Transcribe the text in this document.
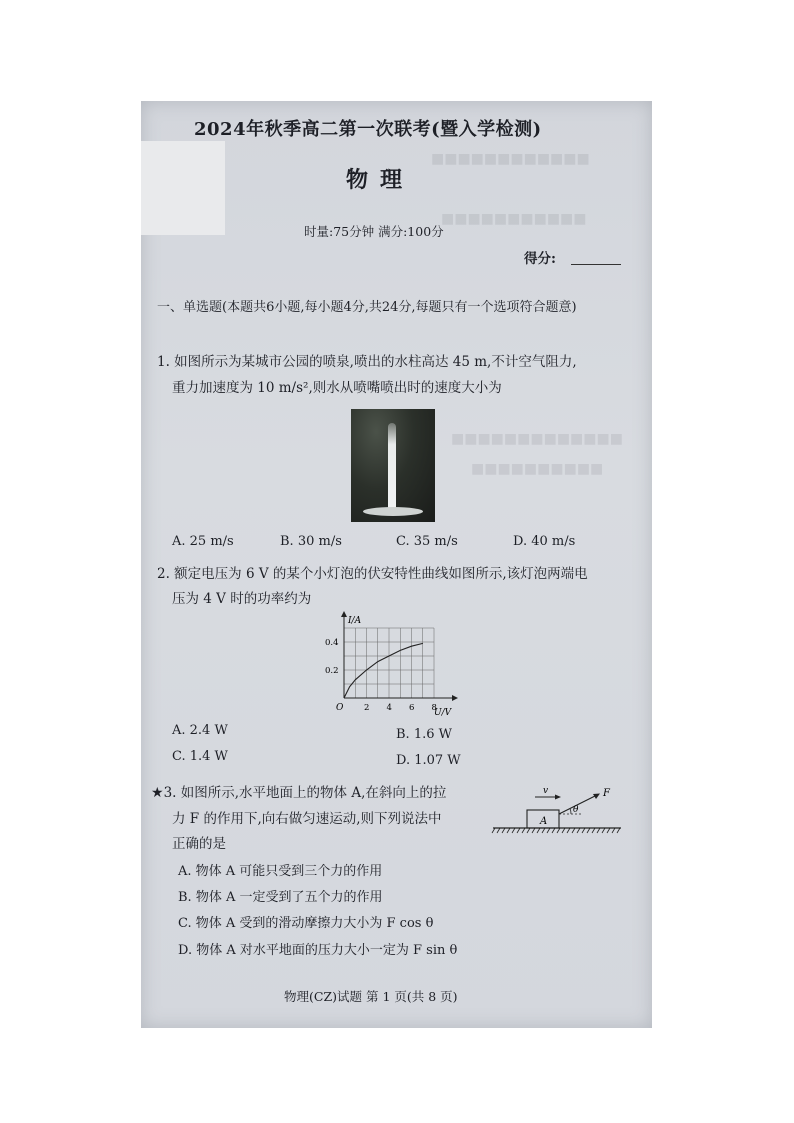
■■■■■■■■■■■■
■■■■■■■■■■■
■■■■■■■■■■■■■
■■■■■■■■■■
2024年秋季高二第一次联考(暨入学检测)
物理
时量:75分钟 满分:100分
得分:
一、单选题(本题共6小题,每小题4分,共24分,每题只有一个选项符合题意)
1. 如图所示为某城市公园的喷泉,喷出的水柱高达 45 m,不计空气阻力,
重力加速度为 10 m/s²,则水从喷嘴喷出时的速度大小为
A. 25 m/s	B. 30 m/s	C. 35 m/s	D. 40 m/s
2. 额定电压为 6 V 的某个小灯泡的伏安特性曲线如图所示,该灯泡两端电
压为 4 V 时的功率约为
2 4 6 8
0.2
0.4
O	U/V
I/A
A. 2.4 W	B. 1.6 W
C. 1.4 W	D. 1.07 W
★3. 如图所示,水平地面上的物体 A,在斜向上的拉
力 F 的作用下,向右做匀速运动,则下列说法中
正确的是
A
v	F
θ
A. 物体 A 可能只受到三个力的作用
B. 物体 A 一定受到了五个力的作用
C. 物体 A 受到的滑动摩擦力大小为 F cos θ
D. 物体 A 对水平地面的压力大小一定为 F sin θ
物理(CZ)试题 第 1 页(共 8 页)
